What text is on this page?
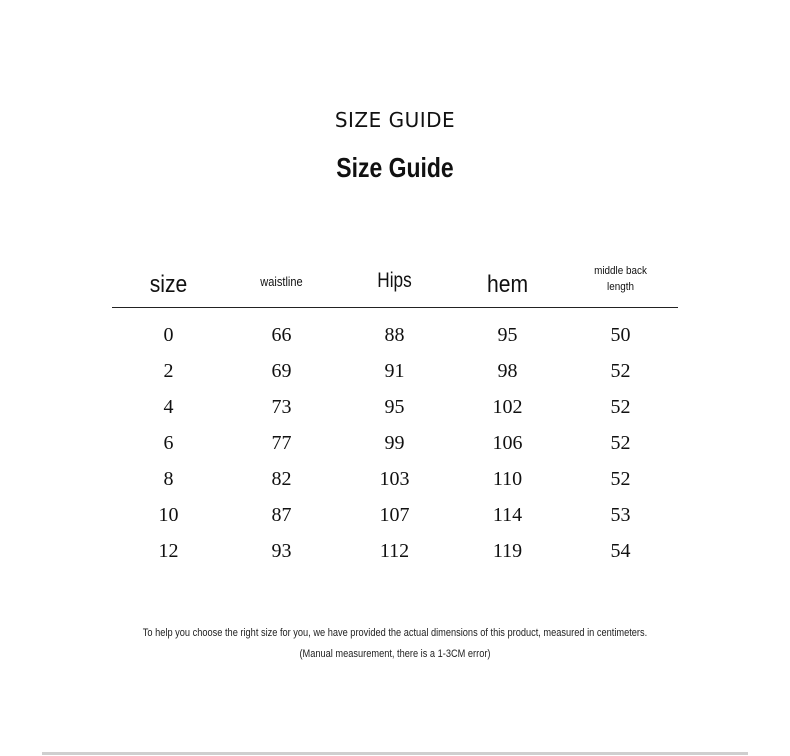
SIZE GUIDE
Size Guide
size	waistline	Hips	hem	middle back
length
0	66	88	95	50
2	69	91	98	52
4	73	95	102	52
6	77	99	106	52
8	82	103	110	52
10	87	107	114	53
12	93	112	119	54
To help you choose the right size for you, we have provided the actual dimensions of this product, measured in centimeters.
(Manual measurement, there is a 1-3CM error)
